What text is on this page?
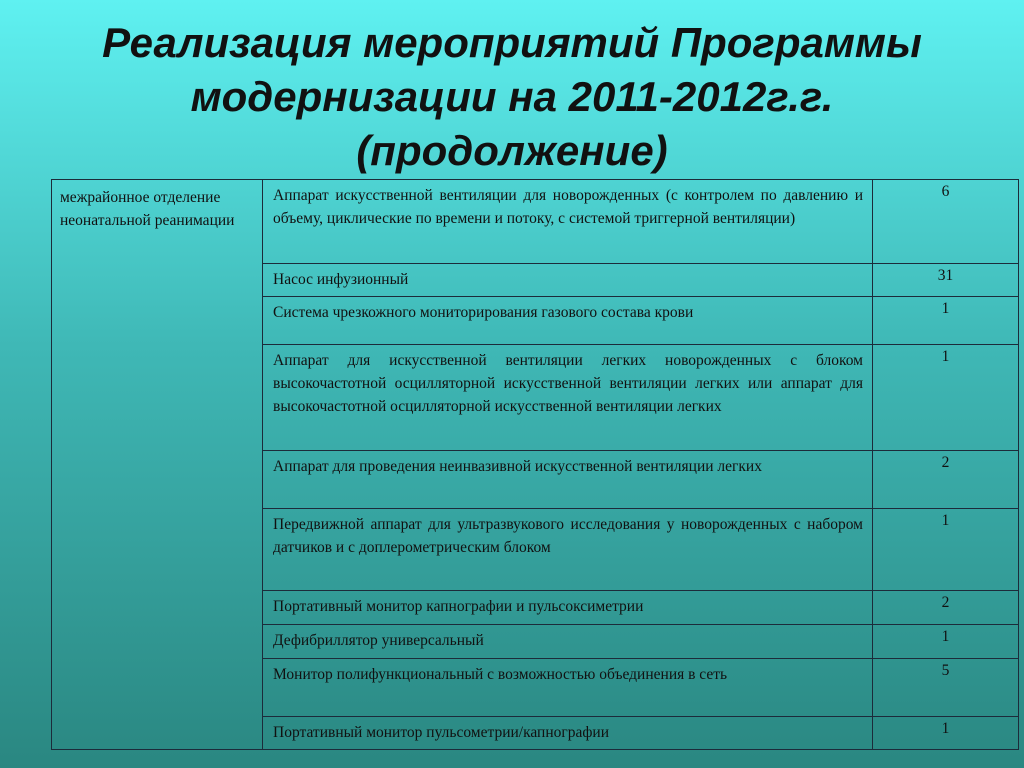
Реализация мероприятий Программы
модернизации на 2011-2012г.г.
(продолжение)
межрайонное отделение неонатальной реанимации	Аппарат искусственной вентиляции для новорожденных (с контролем по давлению и объему, циклические по времени и потоку, с системой триггерной вентиляции)	6
	Насос инфузионный	31
	Система чрезкожного мониторирования газового состава крови	1
	Аппарат для искусственной вентиляции легких новорожденных с блоком высокочастотной осцилляторной искусственной вентиляции легких или аппарат для высокочастотной осцилляторной искусственной вентиляции легких	1
	Аппарат для проведения неинвазивной искусственной вентиляции легких	2
	Передвижной аппарат для ультразвукового исследования у новорожденных с набором датчиков и с доплерометрическим блоком	1
	Портативный монитор капнографии и пульсоксиметрии	2
	Дефибриллятор универсальный	1
	Монитор полифункциональный с возможностью объединения в сеть	5
	Портативный монитор пульсометрии/капнографии	1
